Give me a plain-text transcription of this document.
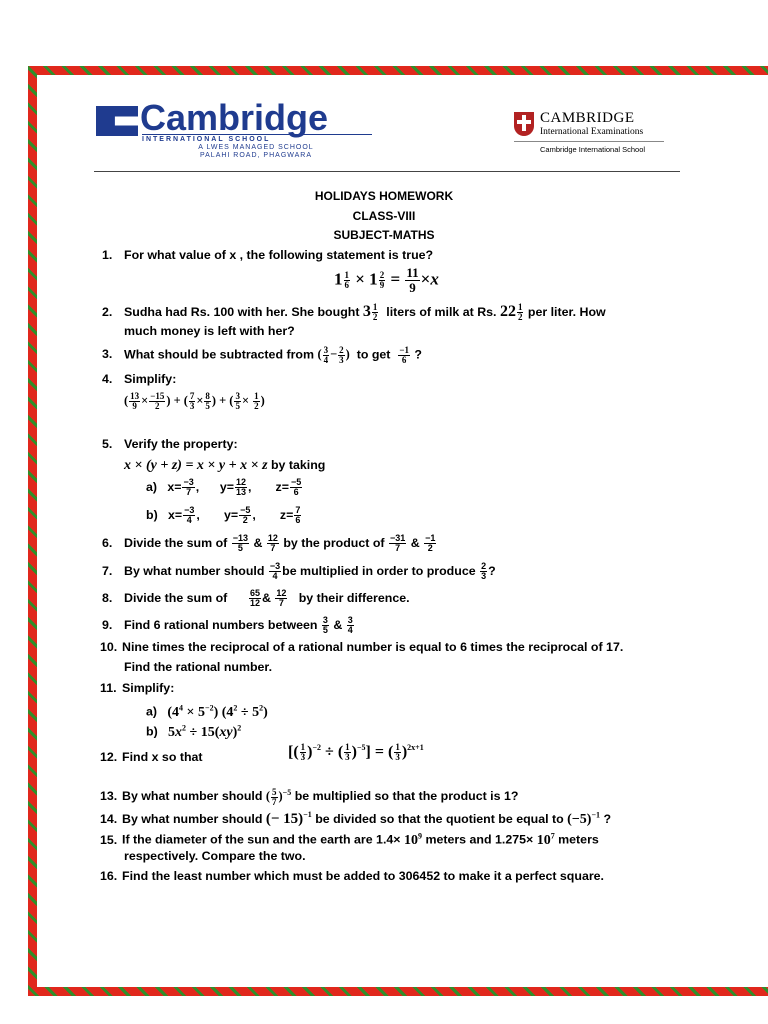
Cambridge
INTERNATIONAL SCHOOL
A LWES MANAGED SCHOOL
PALAHI ROAD, PHAGWARA
CAMBRIDGE
International Examinations
Cambridge International School
HOLIDAYS HOMEWORK
CLASS-VIII
SUBJECT-MATHS
1. For what value of x , the following statement is true?
$1 \frac{1}{6} \times 1 \frac{2}{9} = \frac{11}{9} \times x$
2. Sudha had Rs. 100 with her. She bought $3 \frac{1}{2}$ liters of milk at Rs. $22 \frac{1}{2}$ per liter. How
much money is left with her?
3. What should be subtracted from ( $\frac{3}{4} - \frac{2}{3}$ ) to get $\frac{-1}{6}$ ?
4. Simplify:
( $\frac{13}{9} \times \frac{-15}{2}$ ) + ( $\frac{7}{3} \times \frac{8}{5}$ ) + ( $\frac{3}{5} \times \frac{1}{2}$ )
5. Verify the property:
x × (y + z) = x × y + x × z by taking
a)   $x= \frac{-3}{7}$ ,      $y= \frac{12}{13}$ ,       $z= \frac{-5}{6}$
b)   $x= \frac{-3}{4}$ ,       $y= \frac{-5}{2}$ ,       $z= \frac{7}{6}$
6. Divide the sum of $\frac{-13}{5}$ & $\frac{12}{7}$ by the product of $\frac{-31}{7}$ & $\frac{-1}{2}$
7. By what number should $\frac{-3}{4}$ be multiplied in order to produce $\frac{2}{3}$ ?
8. Divide the sum of $\frac{65}{12}$ & $\frac{12}{7}$ by their difference.
9. Find 6 rational numbers between $\frac{3}{5}$ & $\frac{3}{4}$
10. Nine times the reciprocal of a rational number is equal to 6 times the reciprocal of 17.
Find the rational number.
11. Simplify:
a)   $(4^4 \times 5^{-2}) (4^2 \div 5^2)$
b)   $5x^2 \div 15(xy)^2$
12. Find x so that	[( $\frac{1}{3} )^{-2}$ ÷ ( $\frac{1}{3} )^{-5}$] = ( $\frac{1}{3} )^{2x+1}$
13. By what number should ( $\frac{5}{7} )^{-5}$ be multiplied so that the product is 1?
14. By what number should (− 15)$^{-1}$ be divided so that the quotient be equal to $(-5)^{-1}$ ?
15. If the diameter of the sun and the earth are $1.4\times 10^9$ meters and $1.275\times 10^7$ meters
respectively. Compare the two.
16. Find the least number which must be added to 306452 to make it a perfect square.
